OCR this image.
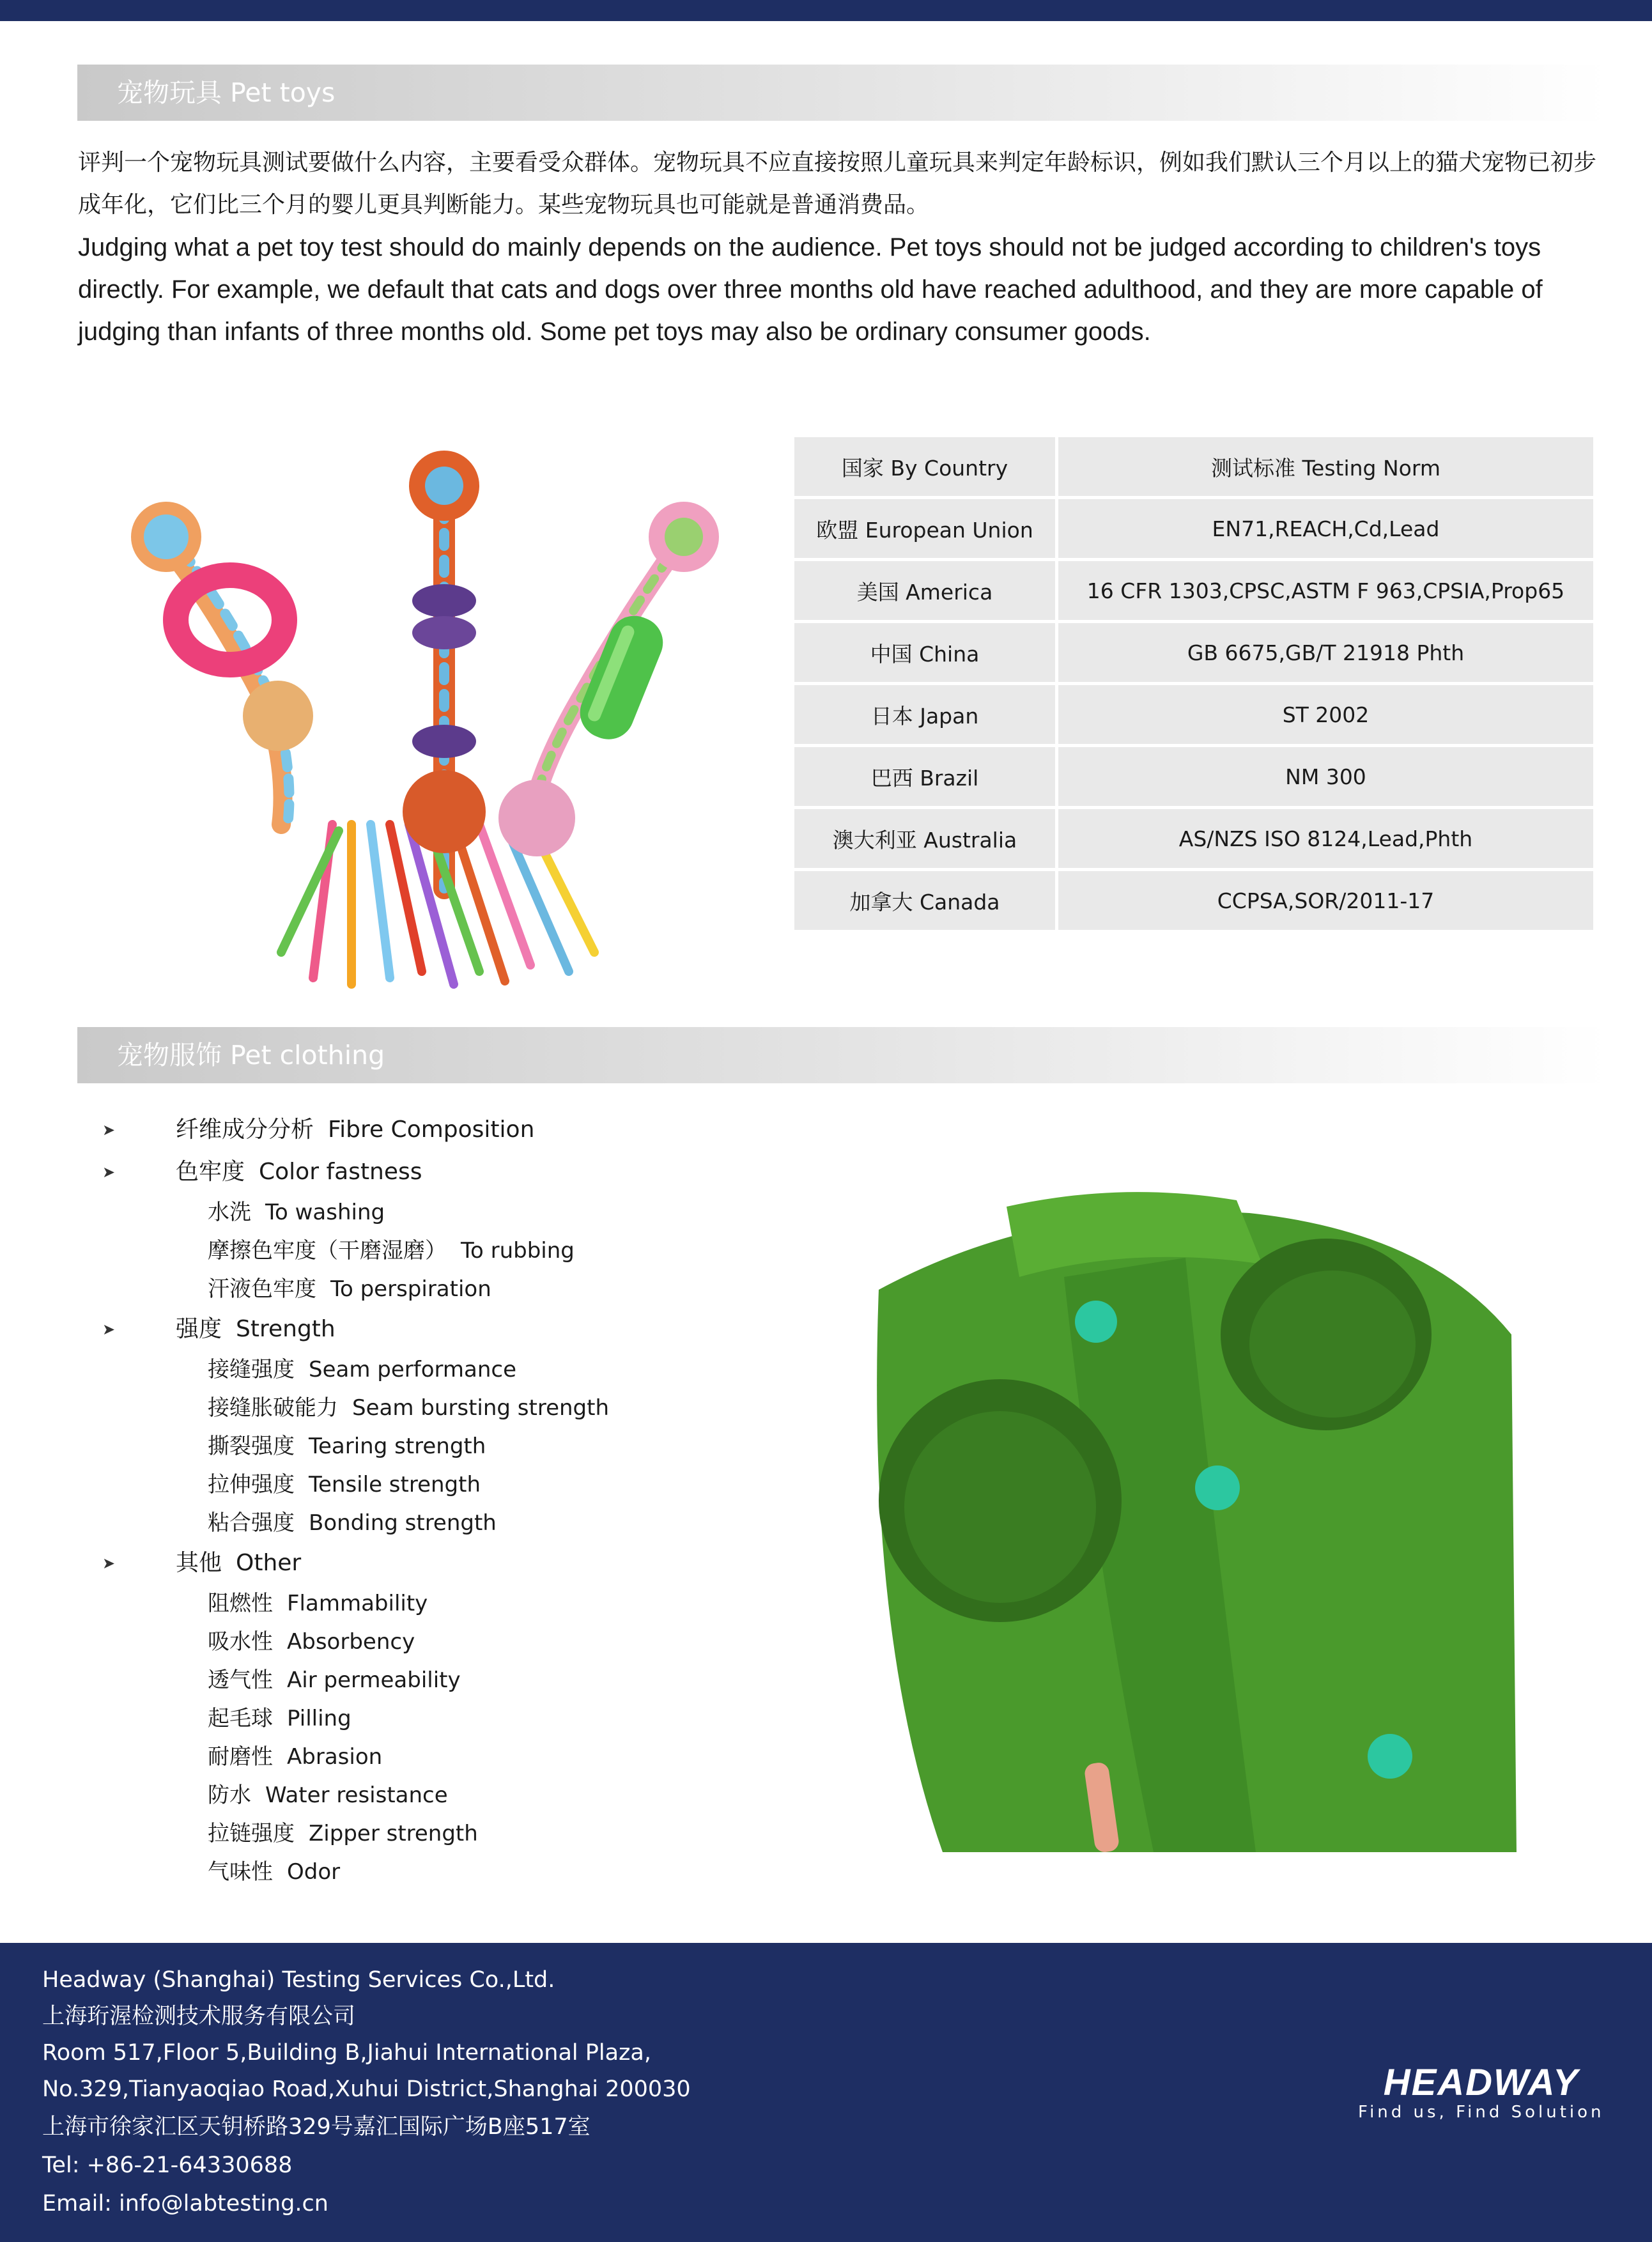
宠物玩具 Pet toys

评判一个宠物玩具测试要做什么内容，主要看受众群体。宠物玩具不应直接按照儿童玩具来判定年龄标识，例如我们默认三个月以上的猫犬宠物已初步成年化，它们比三个月的婴儿更具判断能力。某些宠物玩具也可能就是普通消费品。

Judging what a pet toy test should do mainly depends on the audience. Pet toys should not be judged according to children's toys directly. For example, we default that cats and dogs over three months old have reached adulthood, and they are more capable of judging than infants of three months old. Some pet toys may also be ordinary consumer goods.

国家 By Country	测试标准 Testing Norm
欧盟 European Union	EN71,REACH,Cd,Lead
美国 America	16 CFR 1303,CPSC,ASTM F 963,CPSIA,Prop65
中国 China	GB 6675,GB/T 21918 Phth
日本 Japan	ST 2002
巴西 Brazil	NM 300
澳大利亚 Australia	AS/NZS ISO 8124,Lead,Phth
加拿大 Canada	CCPSA,SOR/2011-17
宠物服饰 Pet clothing
➤	纤维成分分析 Fibre Composition
➤	色牢度 Color fastness
水洗 To washing
摩擦色牢度（干磨湿磨） To rubbing
汗液色牢度 To perspiration
➤	强度 Strength
接缝强度 Seam performance
接缝胀破能力 Seam bursting strength
撕裂强度 Tearing strength
拉伸强度 Tensile strength
粘合强度 Bonding strength
➤	其他 Other
阻燃性 Flammability
吸水性 Absorbency
透气性 Air permeability
起毛球 Pilling
耐磨性 Abrasion
防水 Water resistance
拉链强度 Zipper strength
气味性 Odor
Headway (Shanghai) Testing Services Co.,Ltd.
上海珩渥检测技术服务有限公司
Room 517,Floor 5,Building B,Jiahui International Plaza,
No.329,Tianyaoqiao Road,Xuhui District,Shanghai 200030
上海市徐家汇区天钥桥路329号嘉汇国际广场B座517室
Tel: +86-21-64330688
Email: info@labtesting.cn
HEADWAY
Find us, Find Solution
